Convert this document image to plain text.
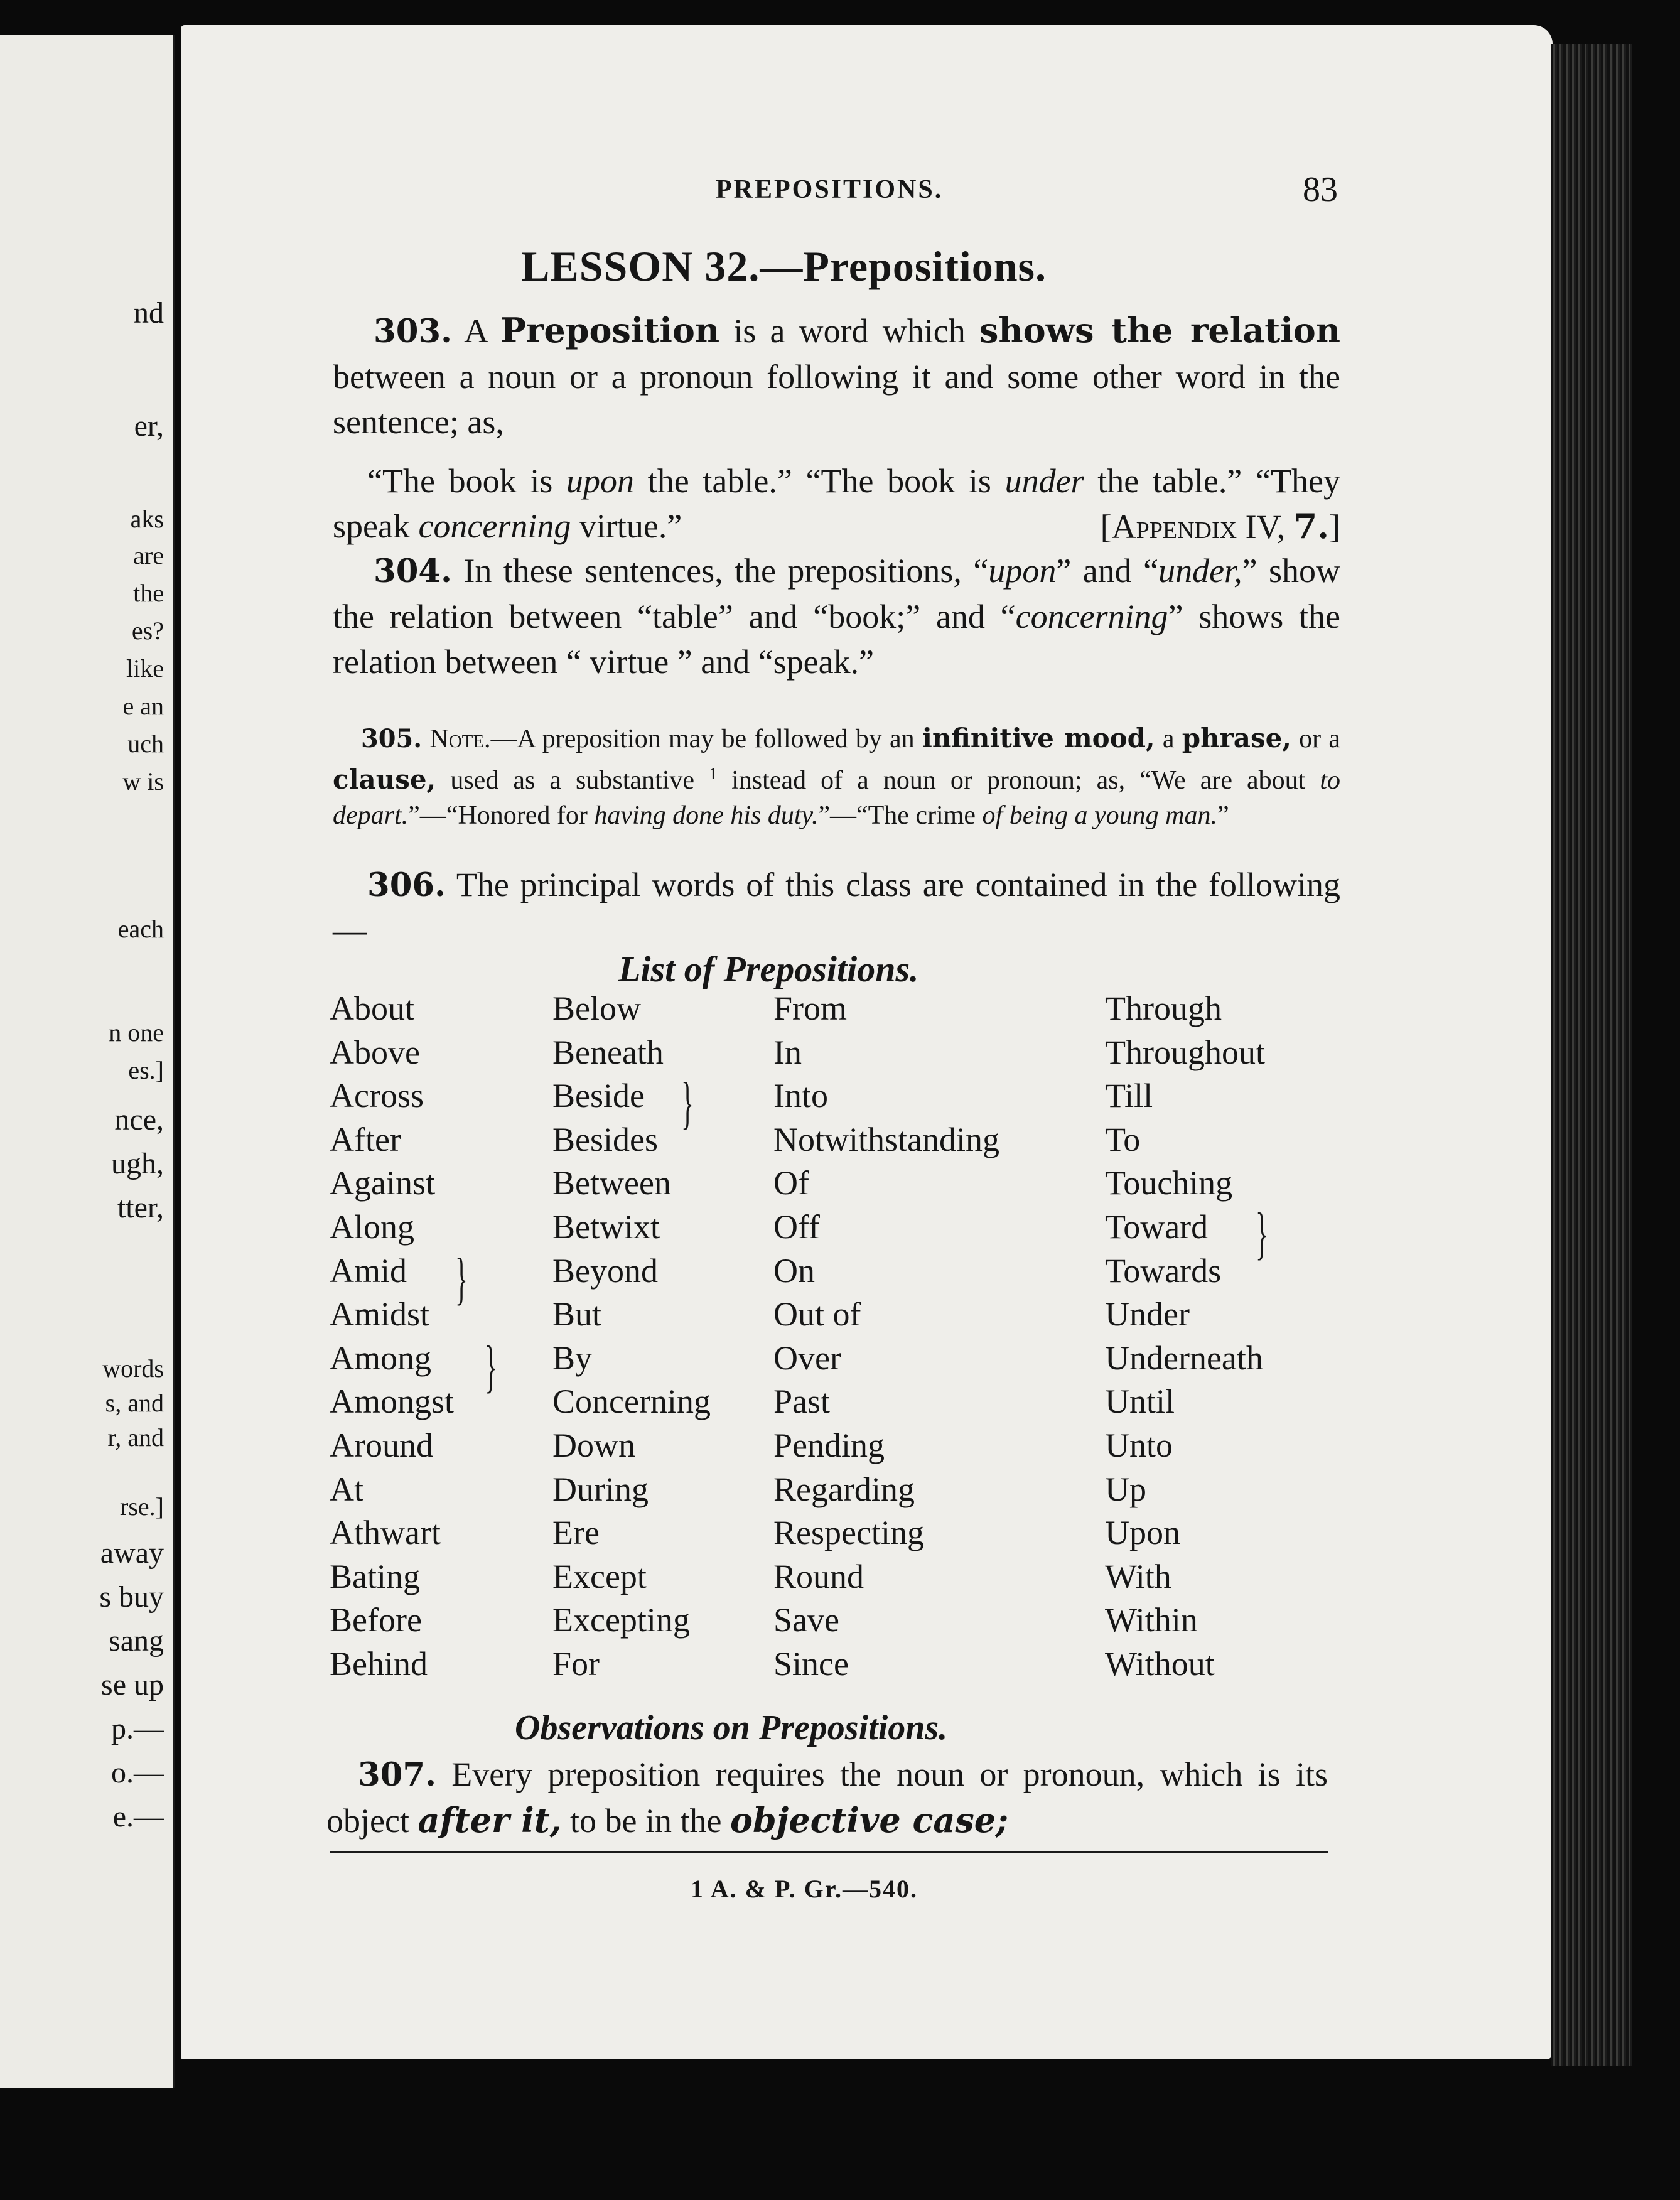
nd
er,
aks
are
the
es?
like
e an
uch
w is
each
n one
es.]
nce,
ugh,
tter,
words
s, and
r, and
rse.]
away
s buy
sang
se up
p.—
o.—
e.—
PREPOSITIONS.	83
LESSON 32.—Prepositions.
303. A Preposition is a word which shows the relation between a noun or a pronoun following it and some other word in the sentence; as,
“The book is upon the table.” “The book is under the table.” “They speak concerning virtue.”	[Appendix IV, 7.]
304. In these sentences, the prepositions, “upon” and “under,” show the relation between “table” and “book;” and “concerning” shows the relation between “ virtue ” and “speak.”
305. Note.—A preposition may be followed by an infinitive mood, a phrase, or a clause, used as a substantive $^1$ instead of a noun or pronoun; as, “We are about to depart.”—“Honored for having done his duty.”—“The crime of being a young man.”
306. The principal words of this class are contained in the following—
List of Prepositions.
About
Above
Across
After
Against
Along
Amid
Amidst
Among
Amongst
Around
At
Athwart
Bating
Before
Behind
Below
Beneath
Beside
Besides
Between
Betwixt
Beyond
But
By
Concerning
Down
During
Ere
Except
Excepting
For
From
In
Into
Notwithstanding
Of
Off
On
Out of
Over
Past
Pending
Regarding
Respecting
Round
Save
Since
Through
Throughout
Till
To
Touching
Toward
Towards
Under
Underneath
Until
Unto
Up
Upon
With
Within
Without
}
}
}
}
Observations on Prepositions.
307. Every preposition requires the noun or pronoun, which is its object after it, to be in the objective case;
1 A. & P. Gr.—540.
